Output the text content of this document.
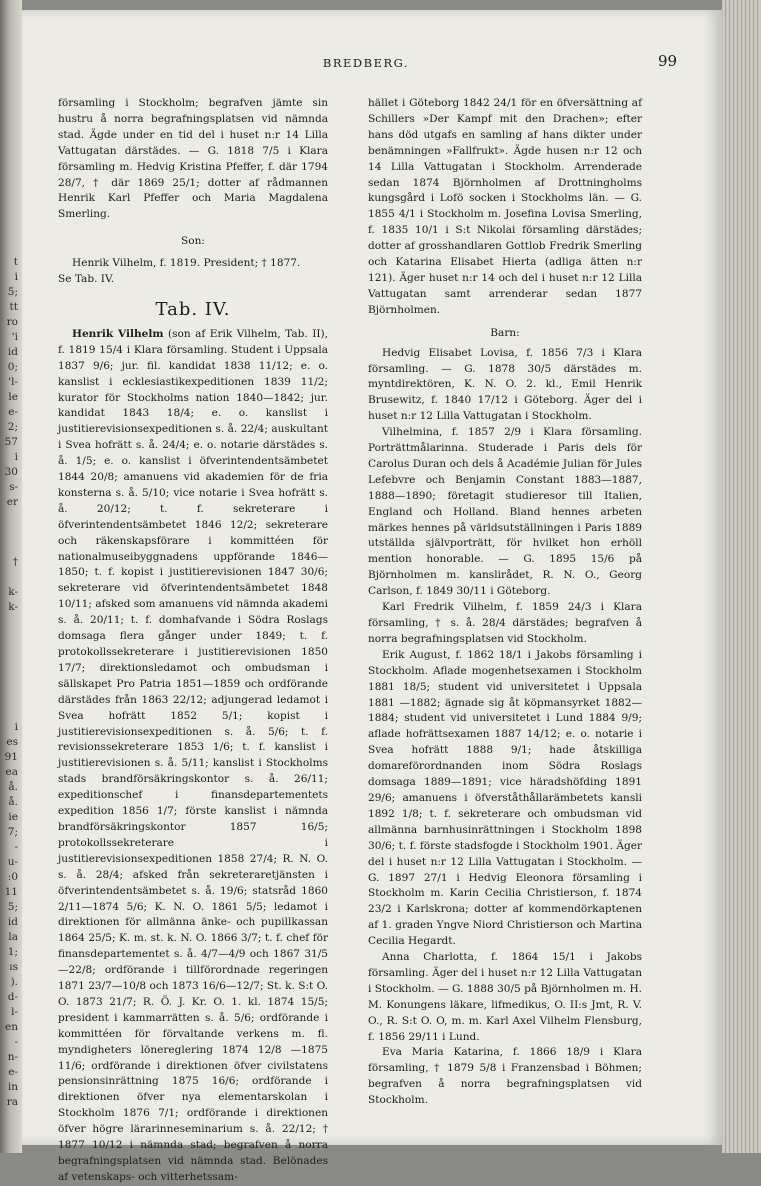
t
i
5;
tt
ro
'i
id
0;
'l-
le
e-
2;
57
i
30
s-
er

†

k-
k-

i
es
91
ea
å.
å.
ie
7;
-
u-
:0
11
5;
id
la
1;
ıs
).
d-
l-
en
-
n-
e-
in
ra
BREDBERG.	99

församling i Stockholm; begrafven jämte sin hustru å norra begrafningsplatsen vid nämnda stad. Ägde under en tid del i huset n:r 14 Lilla Vattugatan därstädes. — G. 1818 7/5 i Klara församling m. Hedvig Kristina Pfeffer, f. där 1794 28/7, † där 1869 25/1; dotter af rådmannen Henrik Karl Pfeffer och Maria Magdalena Smerling.

Son:

Henrik Vilhelm, f. 1819. President; † 1877.

Se Tab. IV.

Tab. IV.

Henrik Vilhelm (son af Erik Vilhelm, Tab. II), f. 1819 15/4 i Klara församling. Student i Uppsala 1837 9/6; jur. fil. kandidat 1838 11/12; e. o. kanslist i ecklesiastikexpeditionen 1839 11/2; kurator för Stockholms nation 1840—1842; jur. kandidat 1843 18/4; e. o. kanslist i justitierevisionsexpeditionen s. å. 22/4; auskultant i Svea hofrätt s. å. 24/4; e. o. notarie därstädes s. å. 1/5; e. o. kanslist i öfverintendentsämbetet 1844 20/8; amanuens vid akademien för de fria konsterna s. å. 5/10; vice notarie i Svea hofrätt s. å. 20/12; t. f. sekreterare i öfverintendentsämbetet 1846 12/2; sekreterare och räkenskapsförare i kommittéen för nationalmuseibyggnadens uppförande 1846—1850; t. f. kopist i justitierevisionen 1847 30/6; sekreterare vid öfverintendentsämbetet 1848 10/11; afsked som amanuens vid nämnda akademi s. å. 20/11; t. f. domhafvande i Södra Roslags domsaga flera gånger under 1849; t. f. protokollssekreterare i justitierevisionen 1850 17/7; direktionsledamot och ombudsman i sällskapet Pro Patria 1851—1859 och ordförande därstädes från 1863 22/12; adjungerad ledamot i Svea hofrätt 1852 5/1; kopist i justitierevisionsexpeditionen s. å. 5/6; t. f. revisionssekreterare 1853 1/6; t. f. kanslist i justitierevisionen s. å. 5/11; kanslist i Stockholms stads brandförsäkringskontor s. å. 26/11; expeditionschef i finansdepartementets expedition 1856 1/7; förste kanslist i nämnda brandförsäkringskontor 1857 16/5; protokollssekreterare i justitierevisionsexpeditionen 1858 27/4; R. N. O. s. å. 28/4; afsked från sekreteraretjänsten i öfverintendentsämbetet s. å. 19/6; statsråd 1860 2/11—1874 5/6; K. N. O. 1861 5/5; ledamot i direktionen för allmänna änke- och pupillkassan 1864 25/5; K. m. st. k. N. O. 1866 3/7; t. f. chef för finansdepartementet s. å. 4/7—4/9 och 1867 31/5—22/8; ordförande i tillförordnade regeringen 1871 23/7—10/8 och 1873 16/6—12/7; St. k. S:t O. O. 1873 21/7; R. Ö. J. Kr. O. 1. kl. 1874 15/5; president i kammarrätten s. å. 5/6; ordförande i kommittéen för förvaltande verkens m. fl. myndigheters lönereglering 1874 12/8 —1875 11/6; ordförande i direktionen öfver civilstatens pensionsinrättning 1875 16/6; ordförande i direktionen öfver nya elementarskolan i Stockholm 1876 7/1; ordförande i direktionen öfver högre lärarinneseminarium s. å. 22/12; † 1877 10/12 i nämnda stad; begrafven å norra begrafningsplatsen vid nämnda stad. Belönades af vetenskaps- och vitterhetssam-

hället i Göteborg 1842 24/1 för en öfversättning af Schillers »Der Kampf mit den Drachen»; efter hans död utgafs en samling af hans dikter under benämningen »Fallfrukt». Ägde husen n:r 12 och 14 Lilla Vattugatan i Stockholm. Arrenderade sedan 1874 Björnholmen af Drottningholms kungsgård i Lofö socken i Stockholms län. — G. 1855 4/1 i Stockholm m. Josefina Lovisa Smerling, f. 1835 10/1 i S:t Nikolai församling därstädes; dotter af grosshandlaren Gottlob Fredrik Smerling och Katarina Elisabet Hierta (adliga ätten n:r 121). Äger huset n:r 14 och del i huset n:r 12 Lilla Vattugatan samt arrenderar sedan 1877 Björnholmen.

Barn:

Hedvig Elisabet Lovisa, f. 1856 7/3 i Klara församling. — G. 1878 30/5 därstädes m. myntdirektören, K. N. O. 2. kl., Emil Henrik Brusewitz, f. 1840 17/12 i Göteborg. Äger del i huset n:r 12 Lilla Vattugatan i Stockholm.

Vilhelmina, f. 1857 2/9 i Klara församling. Porträttmålarinna. Studerade i Paris dels för Carolus Duran och dels å Académie Julian för Jules Lefebvre och Benjamin Constant 1883—1887, 1888—1890; företagit studieresor till Italien, England och Holland. Bland hennes arbeten märkes hennes på världsutställningen i Paris 1889 utställda självporträtt, för hvilket hon erhöll mention honorable. — G. 1895 15/6 på Björnholmen m. kanslirådet, R. N. O., Georg Carlson, f. 1849 30/11 i Göteborg.

Karl Fredrik Vilhelm, f. 1859 24/3 i Klara församling, † s. å. 28/4 därstädes; begrafven å norra begrafningsplatsen vid Stockholm.

Erik August, f. 1862 18/1 i Jakobs församling i Stockholm. Aflade mogenhetsexamen i Stockholm 1881 18/5; student vid universitetet i Uppsala 1881 —1882; ägnade sig åt köpmansyrket 1882—1884; student vid universitetet i Lund 1884 9/9; aflade hofrättsexamen 1887 14/12; e. o. notarie i Svea hofrätt 1888 9/1; hade åtskilliga domareförordnanden inom Södra Roslags domsaga 1889—1891; vice häradshöfding 1891 29/6; amanuens i öfverståthållarämbetets kansli 1892 1/8; t. f. sekreterare och ombudsman vid allmänna barnhusinrättningen i Stockholm 1898 30/6; t. f. förste stadsfogde i Stockholm 1901. Äger del i huset n:r 12 Lilla Vattugatan i Stockholm. — G. 1897 27/1 i Hedvig Eleonora församling i Stockholm m. Karin Cecilia Christierson, f. 1874 23/2 i Karlskrona; dotter af kommendörkaptenen af 1. graden Yngve Niord Christierson och Martina Cecilia Hegardt.

Anna Charlotta, f. 1864 15/1 i Jakobs församling. Äger del i huset n:r 12 Lilla Vattugatan i Stockholm. — G. 1888 30/5 på Björnholmen m. H. M. Konungens läkare, lifmedikus, O. II:s Jmt, R. V. O., R. S:t O. O, m. m. Karl Axel Vilhelm Flensburg, f. 1856 29/11 i Lund.

Eva Maria Katarina, f. 1866 18/9 i Klara församling, † 1879 5/8 i Franzensbad i Böhmen; begrafven å norra begrafningsplatsen vid Stockholm.
